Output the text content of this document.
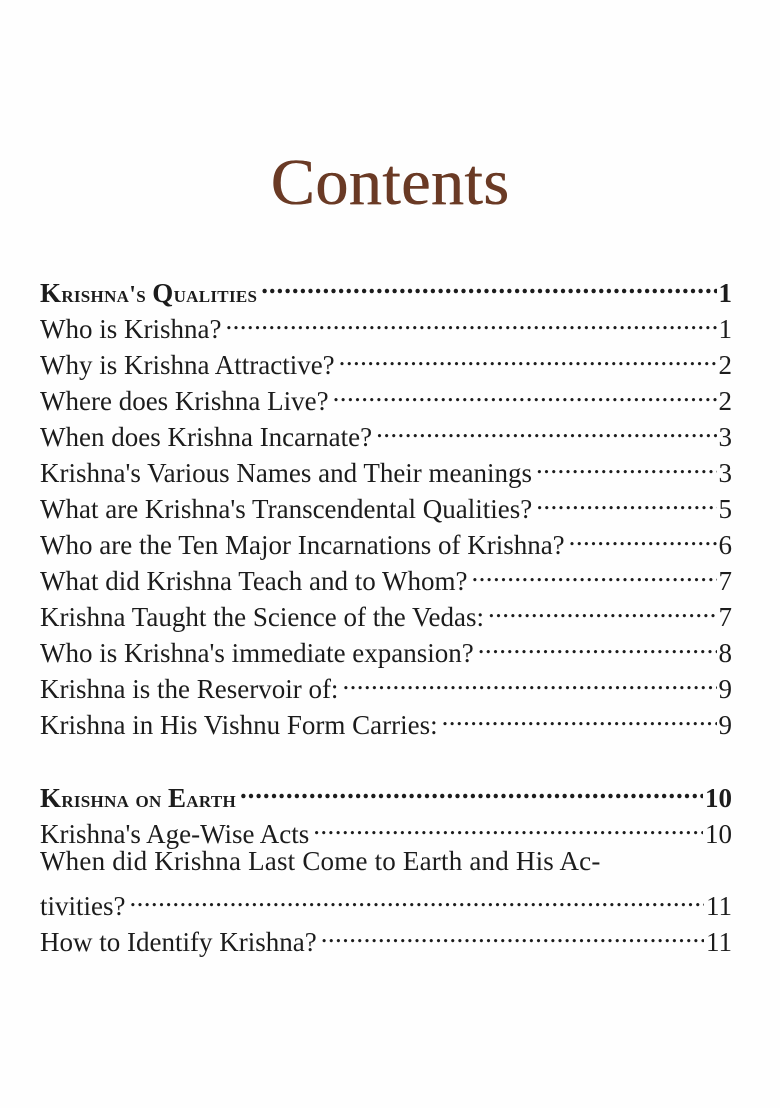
Contents
Krishna's Qualities .....	1
Who is Krishna? .....	1
Why is Krishna Attractive? .....	2
Where does Krishna Live? .....	2
When does Krishna Incarnate? .....	3
Krishna's Various Names and Their meanings .....	3
What are Krishna's Transcendental Qualities? .....	5
Who are the Ten Major Incarnations of Krishna? .....	6
What did Krishna Teach and to Whom? .....	7
Krishna Taught the Science of the Vedas: .....	7
Who is Krishna's immediate expansion? .....	8
Krishna is the Reservoir of: .....	9
Krishna in His Vishnu Form Carries: .....	9
Krishna on Earth .....	10
Krishna's Age-Wise Acts .....	10
When did Krishna Last Come to Earth and His Ac-
tivities? .....	11
How to Identify Krishna? .....	11
